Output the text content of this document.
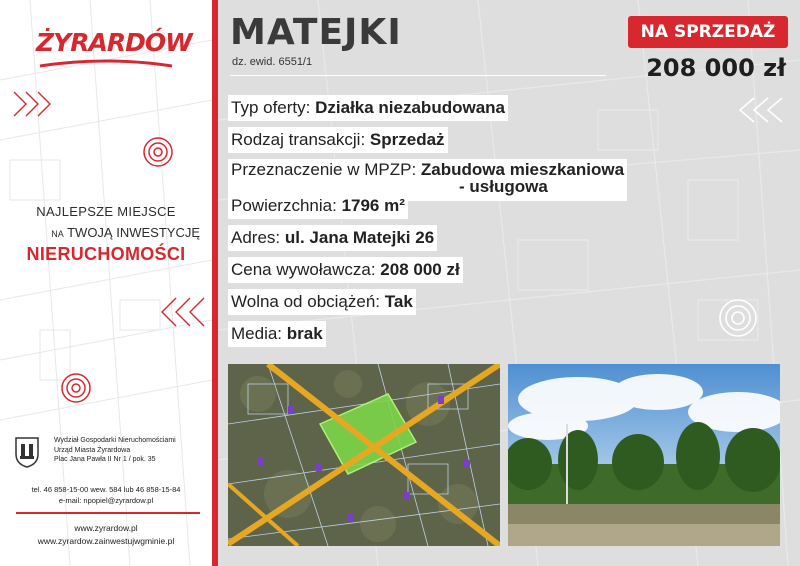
ŻYRARDÓW
NAJLEPSZE MIEJSCE
NA TWOJĄ INWESTYCJĘ
NIERUCHOMOŚCI
Wydział Gospodarki Nieruchomościami
Urząd Miasta Żyrardowa
Plac Jana Pawła II Nr 1 / pok. 35
tel. 46 858-15-00 wew. 584 lub 46 858-15-84
e-mail: npopiel@zyrardow.pl
www.zyrardow.pl
www.zyrardow.zainwestujwgminie.pl
MATEJKI
dz. ewid. 6551/1
NA SPRZEDAŻ
208 000 zł
Typ oferty: Działka niezabudowana
Rodzaj transakcji: Sprzedaż
Przeznaczenie w MPZP: Zabudowa mieszkaniowa
- usługowa
Powierzchnia: 1796 m²
Adres: ul. Jana Matejki 26
Cena wywoławcza: 208 000 zł
Wolna od obciążeń: Tak
Media: brak
